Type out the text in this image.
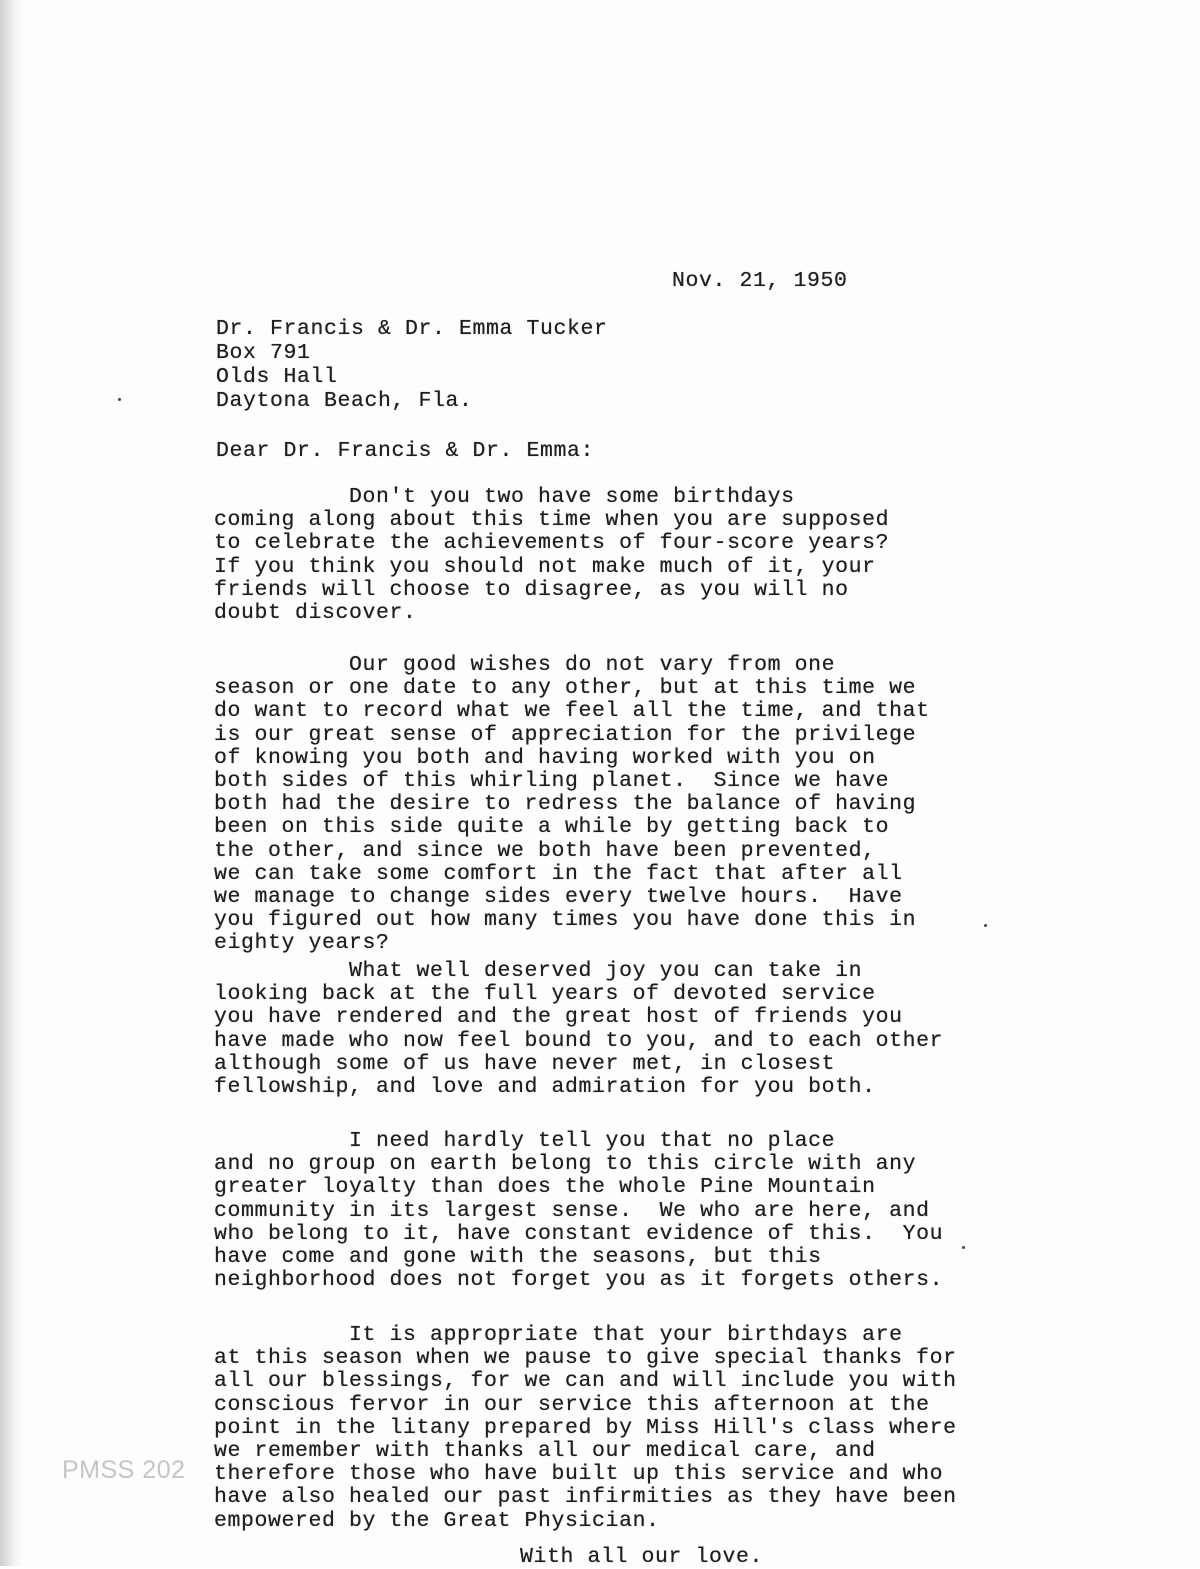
Nov. 21, 1950
Dr. Francis & Dr. Emma Tucker
Box 791
Olds Hall
Daytona Beach, Fla.
Dear Dr. Francis & Dr. Emma:
Don't you two have some birthdays
coming along about this time when you are supposed
to celebrate the achievements of four-score years?
If you think you should not make much of it, your
friends will choose to disagree, as you will no
doubt discover.
Our good wishes do not vary from one
season or one date to any other, but at this time we
do want to record what we feel all the time, and that
is our great sense of appreciation for the privilege
of knowing you both and having worked with you on
both sides of this whirling planet.  Since we have
both had the desire to redress the balance of having
been on this side quite a while by getting back to
the other, and since we both have been prevented,
we can take some comfort in the fact that after all
we manage to change sides every twelve hours.  Have
you figured out how many times you have done this in
eighty years?
What well deserved joy you can take in
looking back at the full years of devoted service
you have rendered and the great host of friends you
have made who now feel bound to you, and to each other
although some of us have never met, in closest
fellowship, and love and admiration for you both.
I need hardly tell you that no place
and no group on earth belong to this circle with any
greater loyalty than does the whole Pine Mountain
community in its largest sense.  We who are here, and
who belong to it, have constant evidence of this.  You
have come and gone with the seasons, but this
neighborhood does not forget you as it forgets others.
It is appropriate that your birthdays are
at this season when we pause to give special thanks for
all our blessings, for we can and will include you with
conscious fervor in our service this afternoon at the
point in the litany prepared by Miss Hill's class where
we remember with thanks all our medical care, and
therefore those who have built up this service and who
have also healed our past infirmities as they have been
empowered by the Great Physician.
With all our love.
PMSS 202
